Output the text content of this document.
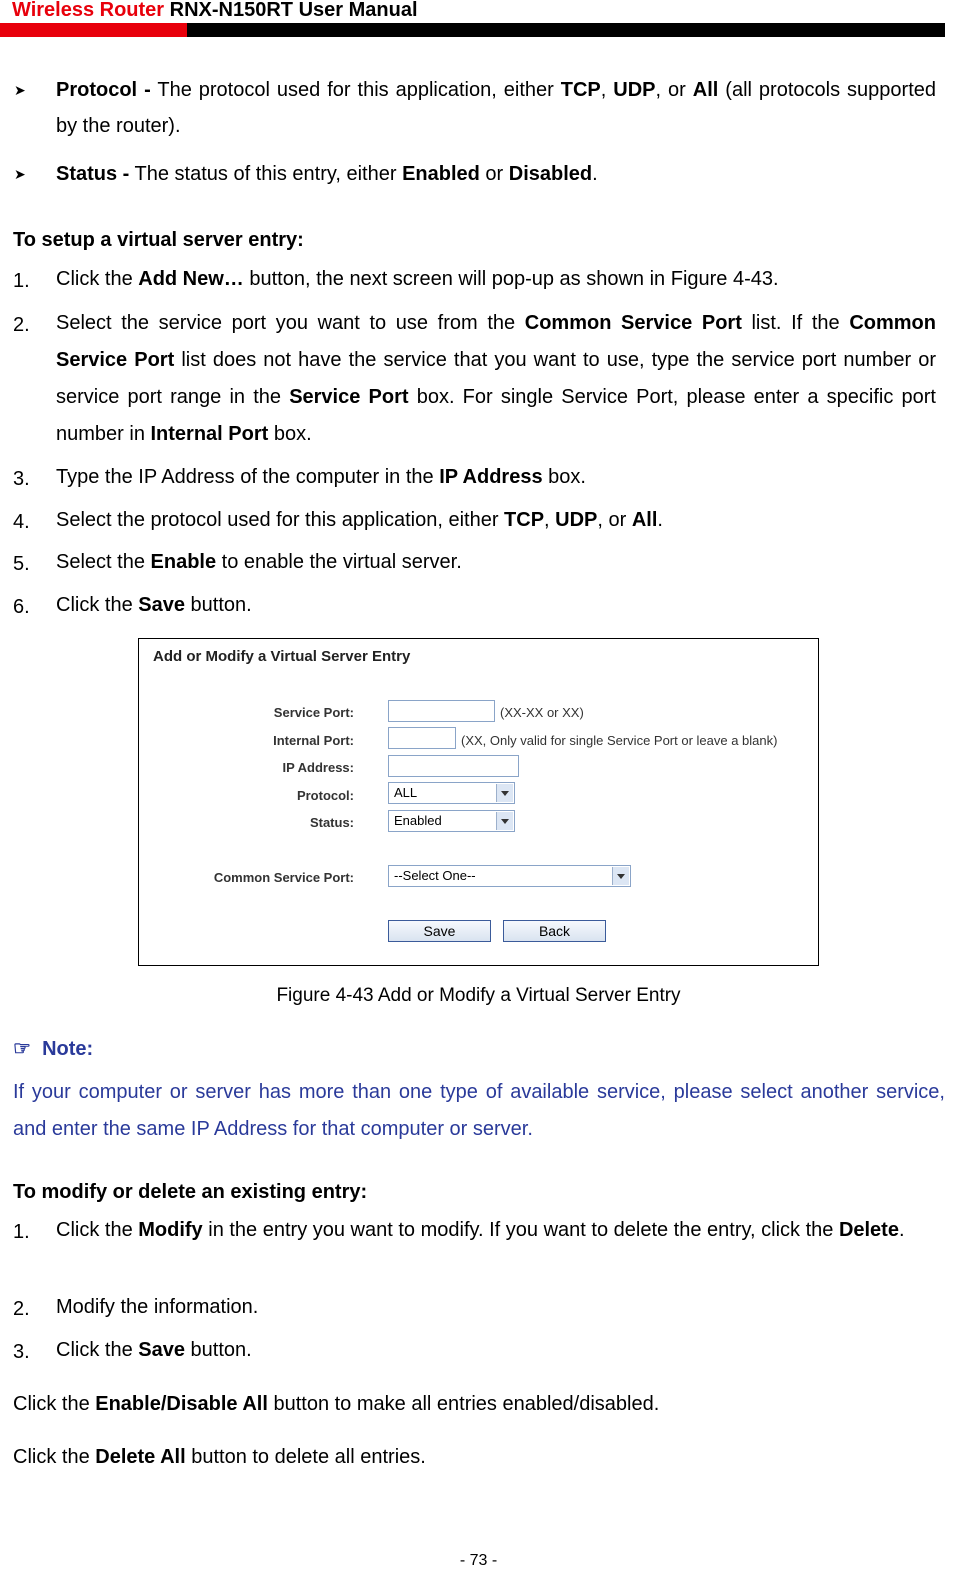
Wireless Router RNX-N150RT User Manual
➤ Protocol - The protocol used for this application, either TCP, UDP, or All (all protocols supported by the router).
➤ Status - The status of this entry, either Enabled or Disabled.
To setup a virtual server entry:
1. Click the Add New… button, the next screen will pop-up as shown in Figure 4-43.
2. Select the service port you want to use from the Common Service Port list. If the Common Service Port list does not have the service that you want to use, type the service port number or service port range in the Service Port box. For single Service Port, please enter a specific port number in Internal Port box.
3. Type the IP Address of the computer in the IP Address box.
4. Select the protocol used for this application, either TCP, UDP, or All.
5. Select the Enable to enable the virtual server.
6. Click the Save button.
Add or Modify a Virtual Server Entry
Service Port:	(XX-XX or XX)
Internal Port:	(XX, Only valid for single Service Port or leave a blank)
IP Address:
Protocol:	ALL
Status:	Enabled
Common Service Port:	--Select One--
Save	Back
Figure 4-43 Add or Modify a Virtual Server Entry
☞ Note:
If your computer or server has more than one type of available service, please select another service, and enter the same IP Address for that computer or server.
To modify or delete an existing entry:
1. Click the Modify in the entry you want to modify. If you want to delete the entry, click the Delete.
2. Modify the information.
3. Click the Save button.
Click the Enable/Disable All button to make all entries enabled/disabled.
Click the Delete All button to delete all entries.
- 73 -
